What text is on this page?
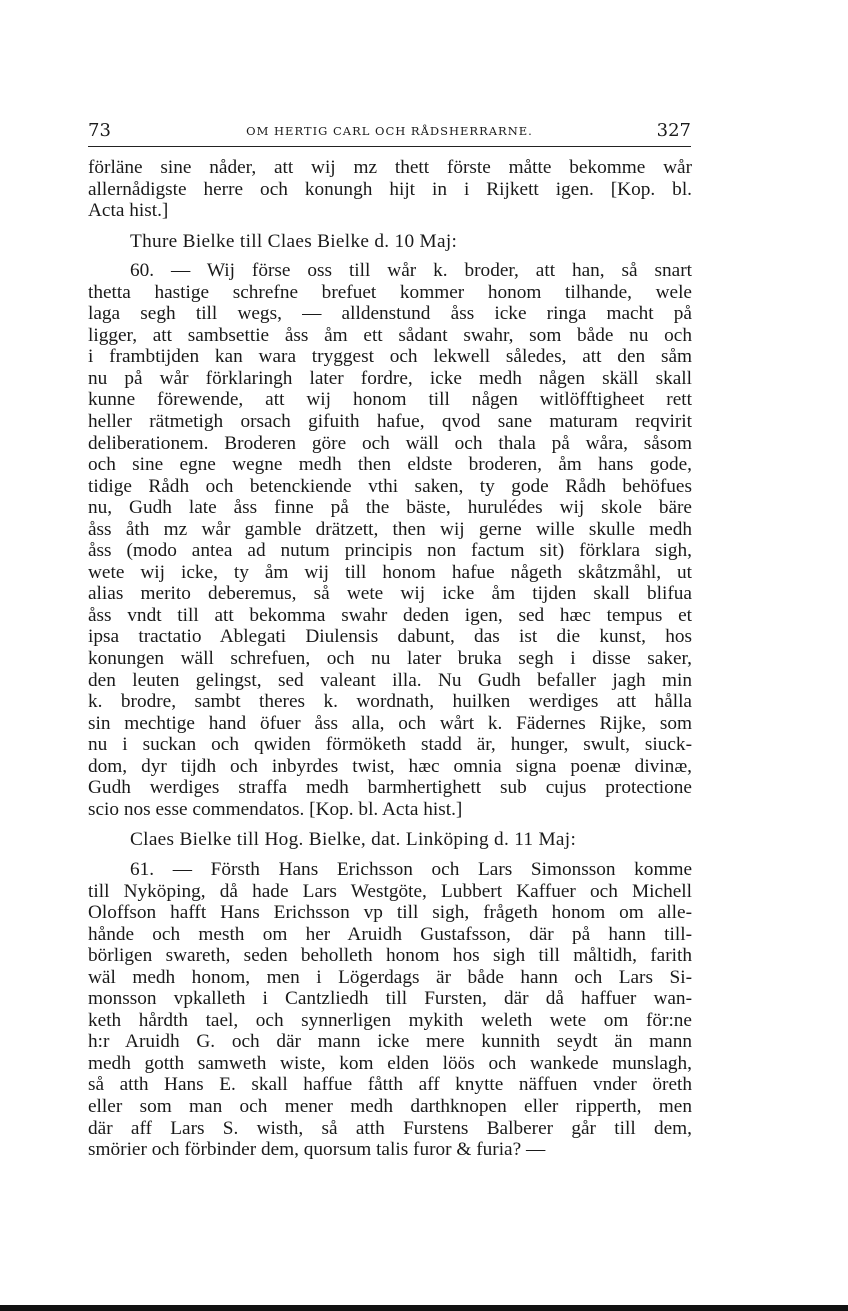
73	OM HERTIG CARL OCH RÅDSHERRARNE.	327
förläne sine nåder, att wij mz thett förste måtte bekomme wår
allernådigste herre och konungh hijt in i Rijkett igen. [Kop. bl.
Acta hist.]
Thure Bielke till Claes Bielke d. 10 Maj:
60. — Wij förse oss till wår k. broder, att han, så snart
thetta hastige schrefne brefuet kommer honom tilhande, wele
laga segh till wegs, — alldenstund åss icke ringa macht på
ligger, att sambsettie åss åm ett sådant swahr, som både nu och
i frambtijden kan wara tryggest och lekwell således, att den såm
nu på wår förklaringh later fordre, icke medh någen skäll skall
kunne förewende, att wij honom till någen witlöfftigheet rett
heller rätmetigh orsach gifuith hafue, qvod sane maturam reqvirit
deliberationem. Broderen göre och wäll och thala på wåra, såsom
och sine egne wegne medh then eldste broderen, åm hans gode,
tidige Rådh och betenckiende vthi saken, ty gode Rådh behöfues
nu, Gudh late åss finne på the bäste, hurulédes wij skole bäre
åss åth mz wår gamble drätzett, then wij gerne wille skulle medh
åss (modo antea ad nutum principis non factum sit) förklara sigh,
wete wij icke, ty åm wij till honom hafue någeth skåtzmåhl, ut
alias merito deberemus, så wete wij icke åm tijden skall blifua
åss vndt till att bekomma swahr deden igen, sed hæc tempus et
ipsa tractatio Ablegati Diulensis dabunt, das ist die kunst, hos
konungen wäll schrefuen, och nu later bruka segh i disse saker,
den leuten gelingst, sed valeant illa. Nu Gudh befaller jagh min
k. brodre, sambt theres k. wordnath, huilken werdiges att hålla
sin mechtige hand öfuer åss alla, och wårt k. Fädernes Rijke, som
nu i suckan och qwiden förmöketh stadd är, hunger, swult, siuck-
dom, dyr tijdh och inbyrdes twist, hæc omnia signa poenæ divinæ,
Gudh werdiges straffa medh barmhertighett sub cujus protectione
scio nos esse commendatos. [Kop. bl. Acta hist.]
Claes Bielke till Hog. Bielke, dat. Linköping d. 11 Maj:
61. — Försth Hans Erichsson och Lars Simonsson komme
till Nyköping, då hade Lars Westgöte, Lubbert Kaffuer och Michell
Oloffson hafft Hans Erichsson vp till sigh, frågeth honom om alle-
hånde och mesth om her Aruidh Gustafsson, där på hann till-
börligen swareth, seden beholleth honom hos sigh till måltidh, farith
wäl medh honom, men i Lögerdags är både hann och Lars Si-
monsson vpkalleth i Cantzliedh till Fursten, där då haffuer wan-
keth hårdth tael, och synnerligen mykith weleth wete om för:ne
h:r Aruidh G. och där mann icke mere kunnith seydt än mann
medh gotth samweth wiste, kom elden löös och wankede munslagh,
så atth Hans E. skall haffue fåtth aff knytte näffuen vnder öreth
eller som man och mener medh darthknopen eller ripperth, men
där aff Lars S. wisth, så atth Furstens Balberer går till dem,
smörier och förbinder dem, quorsum talis furor & furia? —
